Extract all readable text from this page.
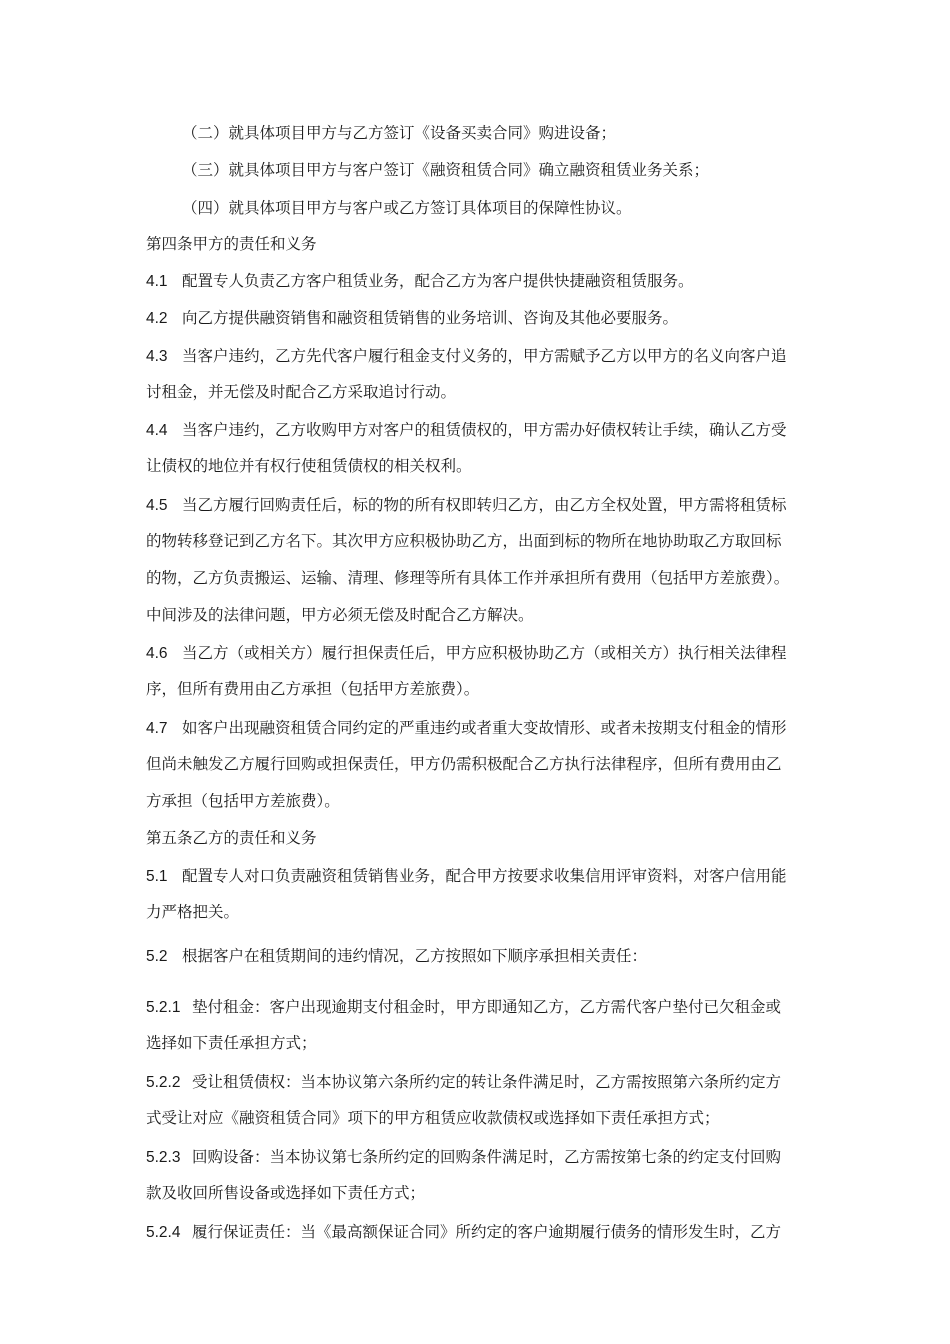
（二）就具体项目甲方与乙方签订《设备买卖合同》购进设备；
（三）就具体项目甲方与客户签订《融资租赁合同》确立融资租赁业务关系；
（四）就具体项目甲方与客户或乙方签订具体项目的保障性协议。
第四条甲方的责任和义务
4.1 配置专人负责乙方客户租赁业务，配合乙方为客户提供快捷融资租赁服务。
4.2 向乙方提供融资销售和融资租赁销售的业务培训、咨询及其他必要服务。
4.3 当客户违约，乙方先代客户履行租金支付义务的，甲方需赋予乙方以甲方的名义向客户追
讨租金，并无偿及时配合乙方采取追讨行动。
4.4 当客户违约，乙方收购甲方对客户的租赁债权的，甲方需办好债权转让手续，确认乙方受
让债权的地位并有权行使租赁债权的相关权利。
4.5 当乙方履行回购责任后，标的物的所有权即转归乙方，由乙方全权处置，甲方需将租赁标
的物转移登记到乙方名下。其次甲方应积极协助乙方，出面到标的物所在地协助取乙方取回标
的物，乙方负责搬运、运输、清理、修理等所有具体工作并承担所有费用（包括甲方差旅费）。
中间涉及的法律问题，甲方必须无偿及时配合乙方解决。
4.6 当乙方（或相关方）履行担保责任后，甲方应积极协助乙方（或相关方）执行相关法律程
序，但所有费用由乙方承担（包括甲方差旅费）。
4.7 如客户出现融资租赁合同约定的严重违约或者重大变故情形、或者未按期支付租金的情形
但尚未触发乙方履行回购或担保责任，甲方仍需积极配合乙方执行法律程序，但所有费用由乙
方承担（包括甲方差旅费）。
第五条乙方的责任和义务
5.1 配置专人对口负责融资租赁销售业务，配合甲方按要求收集信用评审资料，对客户信用能
力严格把关。
5.2 根据客户在租赁期间的违约情况，乙方按照如下顺序承担相关责任：
5.2.1 垫付租金：客户出现逾期支付租金时，甲方即通知乙方，乙方需代客户垫付已欠租金或
选择如下责任承担方式；
5.2.2 受让租赁债权：当本协议第六条所约定的转让条件满足时，乙方需按照第六条所约定方
式受让对应《融资租赁合同》项下的甲方租赁应收款债权或选择如下责任承担方式；
5.2.3 回购设备：当本协议第七条所约定的回购条件满足时，乙方需按第七条的约定支付回购
款及收回所售设备或选择如下责任方式；
5.2.4 履行保证责任：当《最高额保证合同》所约定的客户逾期履行债务的情形发生时，乙方
